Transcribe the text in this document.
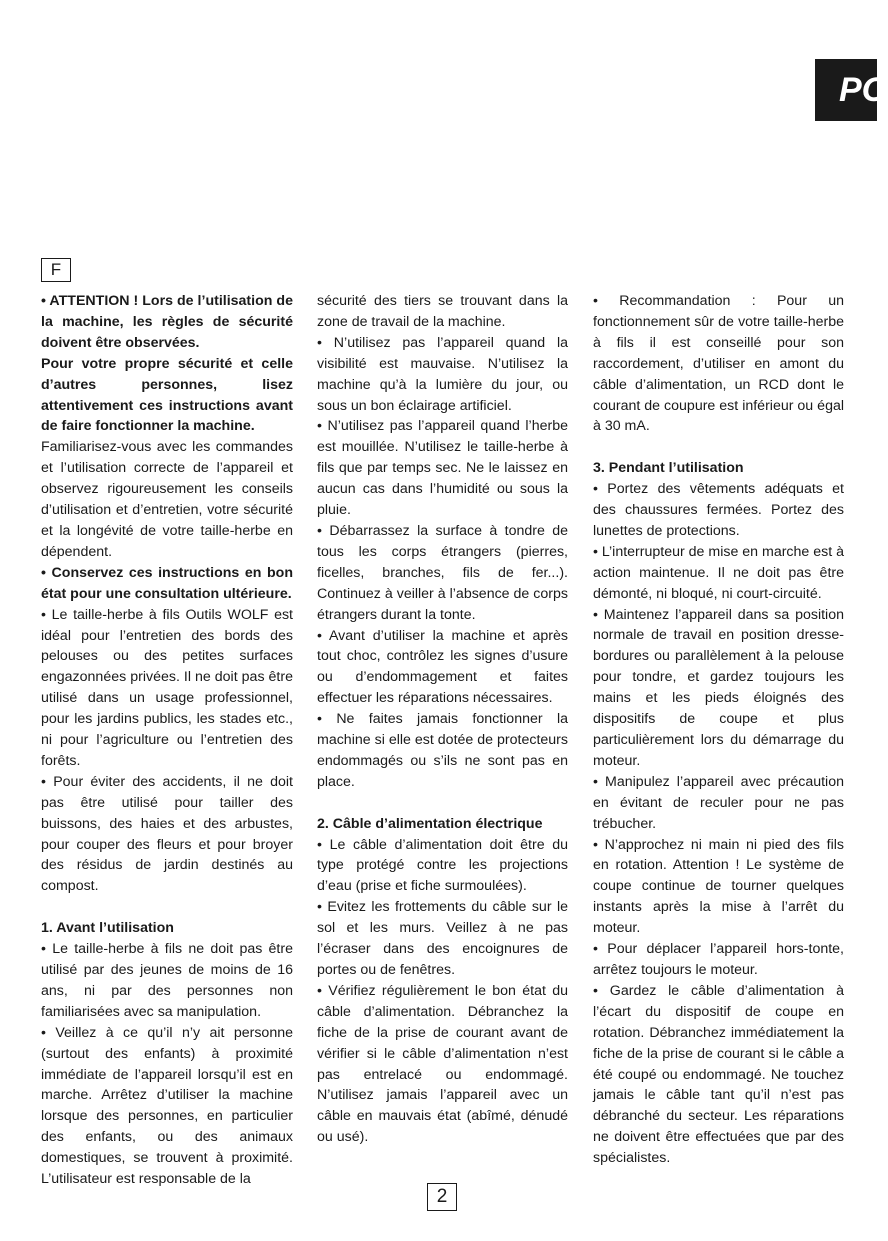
PO
F

• ATTENTION ! Lors de l’utilisation de la machine, les règles de sécurité doivent être observées.

Pour votre propre sécurité et celle d’autres personnes, lisez attentivement ces instructions avant de faire fonctionner la machine.

Familiarisez-vous avec les commandes et l’utilisation correcte de l’appareil et observez rigoureusement les conseils d’utilisation et d’entretien, votre sécurité et la longévité de votre taille-herbe en dépendent.

• Conservez ces instructions en bon état pour une consultation ultérieure.

• Le taille-herbe à fils Outils WOLF est idéal pour l’entretien des bords des pelouses ou des petites surfaces engazonnées privées. Il ne doit pas être utilisé dans un usage professionnel, pour les jardins publics, les stades etc., ni pour l’agriculture ou l’entretien des forêts.

• Pour éviter des accidents, il ne doit pas être utilisé pour tailler des buissons, des haies et des arbustes, pour couper des fleurs et pour broyer des résidus de jardin destinés au compost.

1. Avant l’utilisation

• Le taille-herbe à fils ne doit pas être utilisé par des jeunes de moins de 16 ans, ni par des personnes non familiarisées avec sa manipulation.

• Veillez à ce qu’il n’y ait personne (surtout des enfants) à proximité immédiate de l’appareil lorsqu’il est en marche. Arrêtez d’utiliser la machine lorsque des personnes, en particulier des enfants, ou des animaux domestiques, se trouvent à proximité. L’utilisateur est responsable de la

sécurité des tiers se trouvant dans la zone de travail de la machine.

• N’utilisez pas l’appareil quand la visibilité est mauvaise. N’utilisez la machine qu’à la lumière du jour, ou sous un bon éclairage artificiel.

• N’utilisez pas l’appareil quand l’herbe est mouillée. N’utilisez le taille-herbe à fils que par temps sec. Ne le laissez en aucun cas dans l’humidité ou sous la pluie.

• Débarrassez la surface à tondre de tous les corps étrangers (pierres, ficelles, branches, fils de fer...). Continuez à veiller à l’absence de corps étrangers durant la tonte.

• Avant d’utiliser la machine et après tout choc, contrôlez les signes d’usure ou d’endommagement et faites effectuer les réparations nécessaires.

• Ne faites jamais fonctionner la machine si elle est dotée de protecteurs endommagés ou s’ils ne sont pas en place.

2. Câble d’alimentation électrique

• Le câble d’alimentation doit être du type protégé contre les projections d’eau (prise et fiche surmoulées).

• Evitez les frottements du câble sur le sol et les murs. Veillez à ne pas l’écraser dans des encoignures de portes ou de fenêtres.

• Vérifiez régulièrement le bon état du câble d’alimentation. Débranchez la fiche de la prise de courant avant de vérifier si le câble d’alimentation n’est pas entrelacé ou endommagé. N’utilisez jamais l’appareil avec un câble en mauvais état (abîmé, dénudé ou usé).

• Recommandation : Pour un fonctionnement sûr de votre taille-herbe à fils il est conseillé pour son raccordement, d’utiliser en amont du câble d’alimentation, un RCD dont le courant de coupure est inférieur ou égal à 30 mA.

3. Pendant l’utilisation

• Portez des vêtements adéquats et des chaussures fermées. Portez des lunettes de protections.

• L’interrupteur de mise en marche est à action maintenue. Il ne doit pas être démonté, ni bloqué, ni court-circuité.

• Maintenez l’appareil dans sa position normale de travail en position dresse-bordures ou parallèlement à la pelouse pour tondre, et gardez toujours les mains et les pieds éloignés des dispositifs de coupe et plus particulièrement lors du démarrage du moteur.

• Manipulez l’appareil avec précaution en évitant de reculer pour ne pas trébucher.

• N’approchez ni main ni pied des fils en rotation. Attention ! Le système de coupe continue de tourner quelques instants après la mise à l’arrêt du moteur.

• Pour déplacer l’appareil hors-tonte, arrêtez toujours le moteur.

• Gardez le câble d’alimentation à l’écart du dispositif de coupe en rotation. Débranchez immédiatement la fiche de la prise de courant si le câble a été coupé ou endommagé. Ne touchez jamais le câble tant qu’il n’est pas débranché du secteur. Les réparations ne doivent être effectuées que par des spécialistes.

2
